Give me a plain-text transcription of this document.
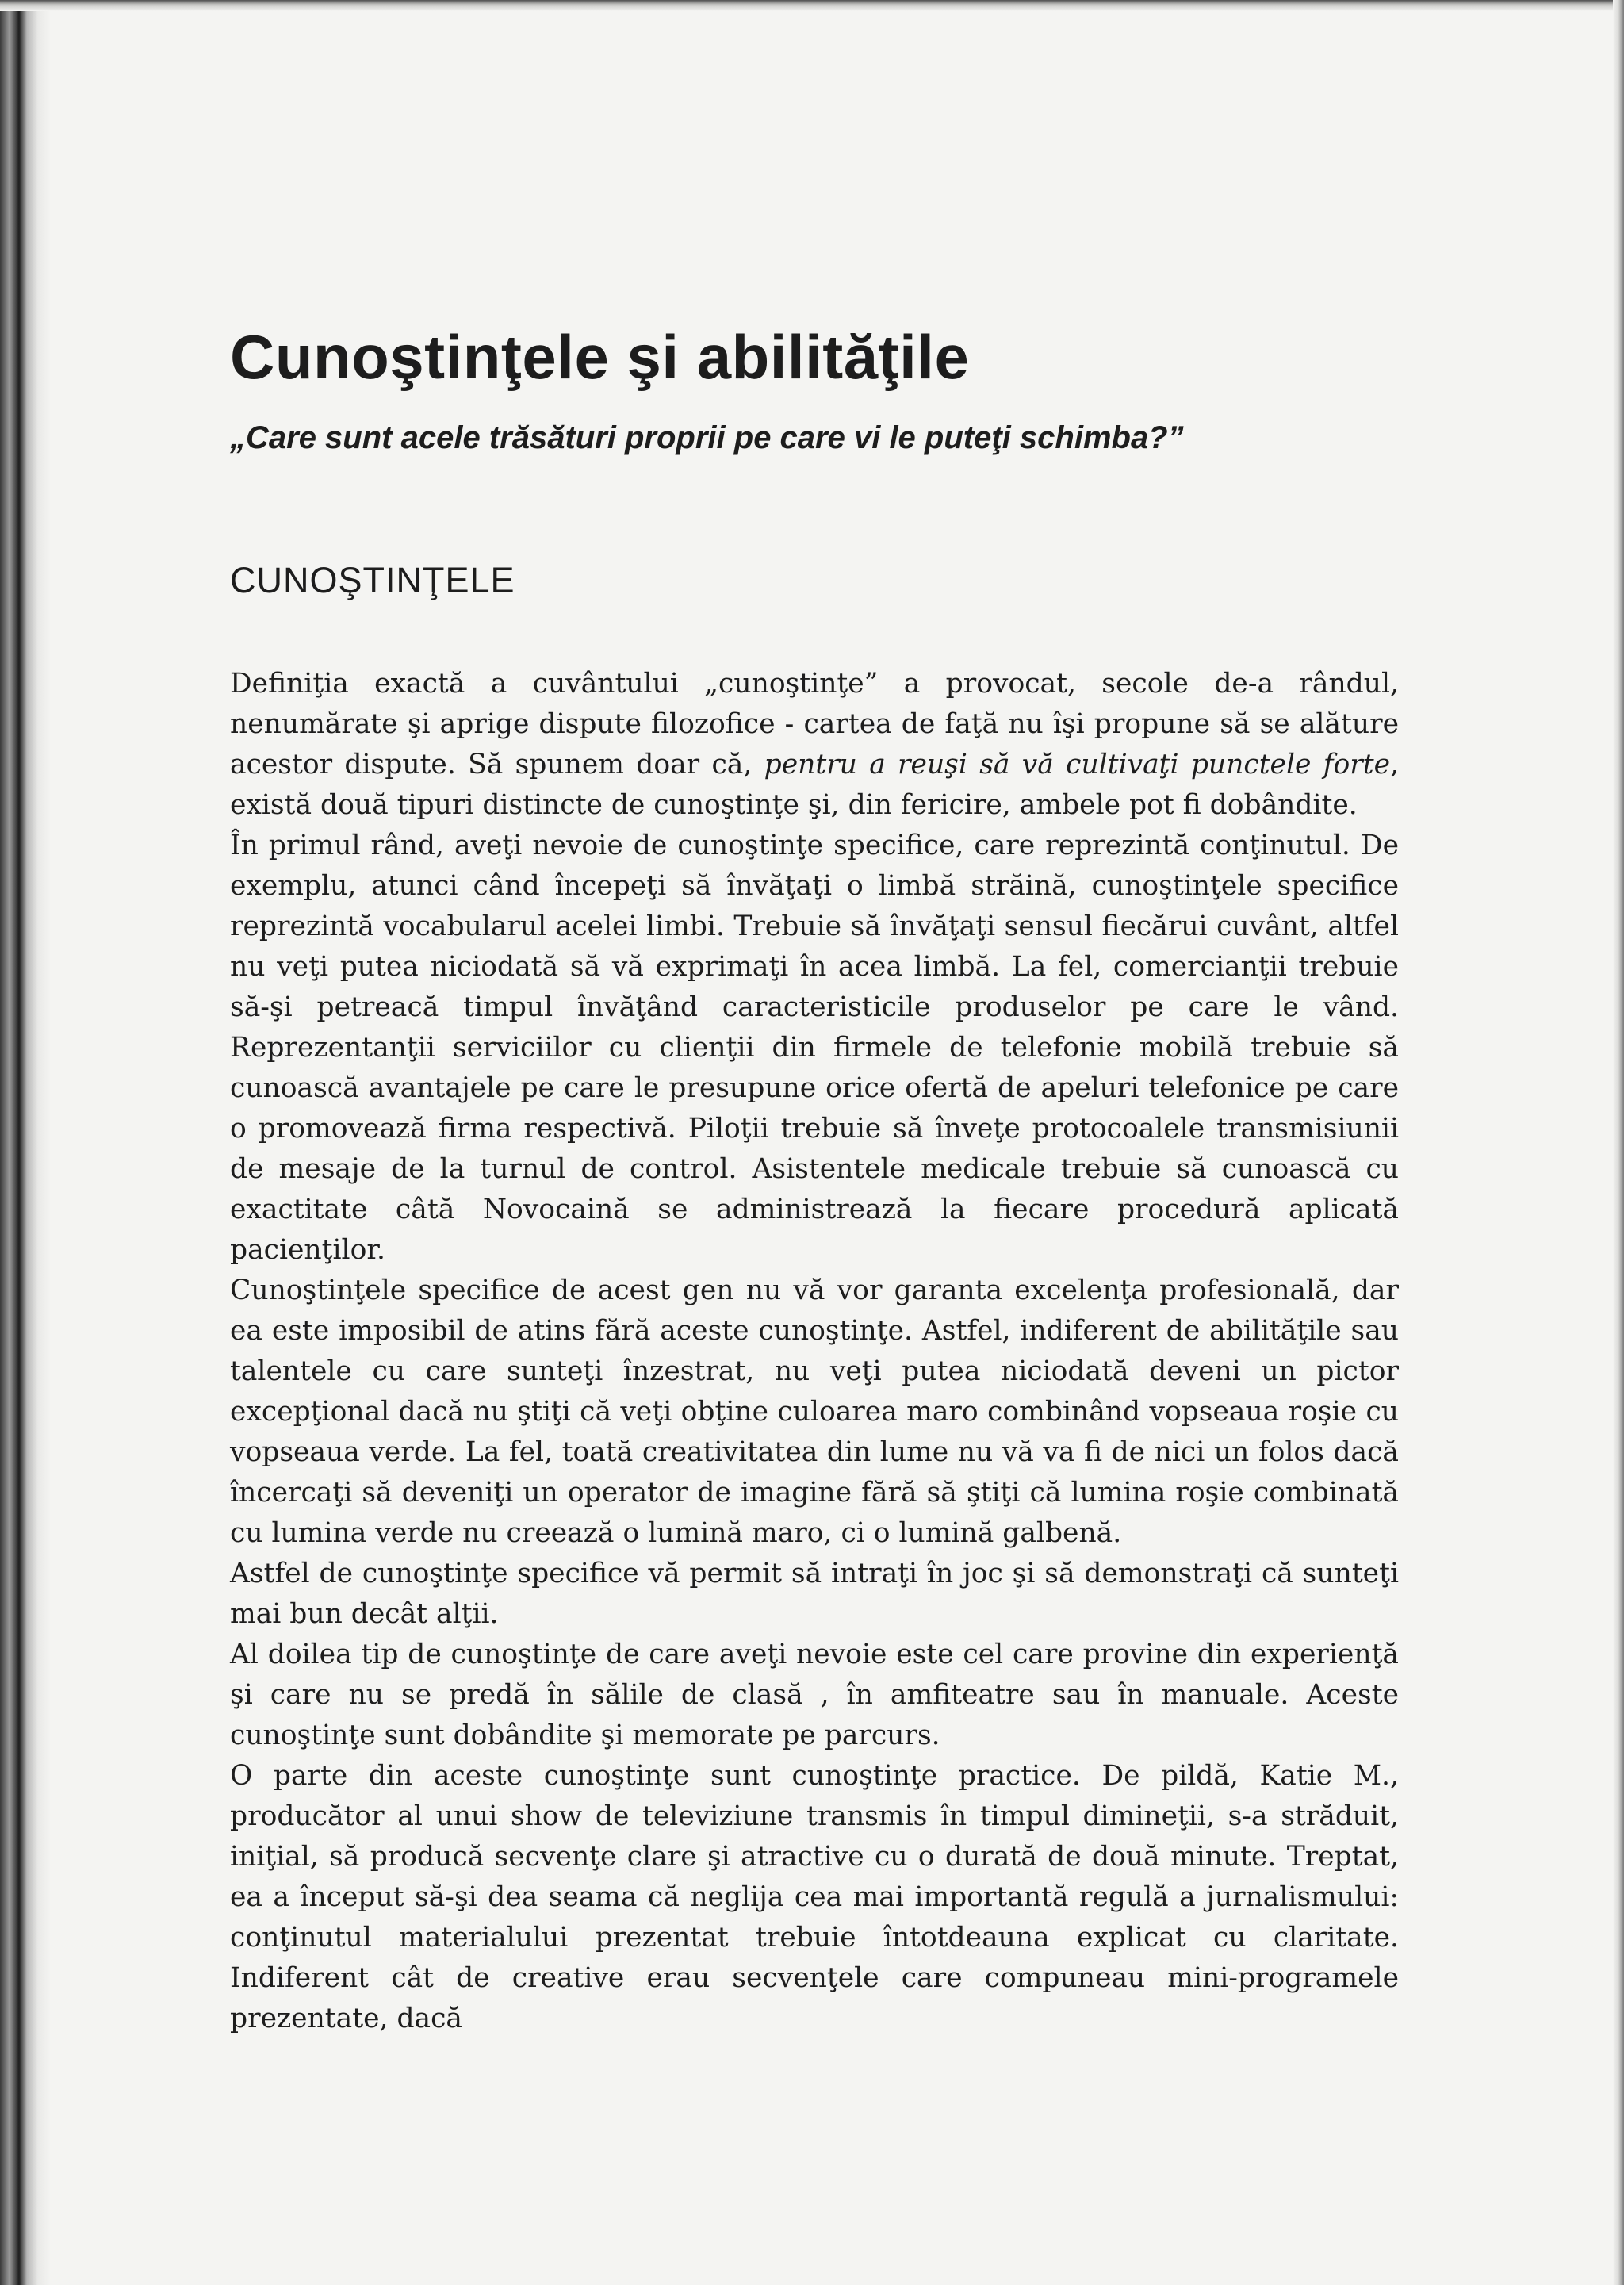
Cunoştinţele şi abilităţile
„Care sunt acele trăsături proprii pe care vi le puteţi schimba?”
CUNOŞTINŢELE

Definiţia exactă a cuvântului „cunoştinţe” a provocat, secole de-a rândul, nenumărate şi aprige dispute filozofice - cartea de faţă nu îşi propune să se alăture acestor dispute. Să spunem doar că, pentru a reuşi să vă cultivaţi punctele forte, există două tipuri distincte de cunoştinţe şi, din fericire, ambele pot fi dobândite.

În primul rând, aveţi nevoie de cunoştinţe specifice, care reprezintă conţinutul. De exemplu, atunci când începeţi să învăţaţi o limbă străină, cunoştinţele specifice reprezintă vocabularul acelei limbi. Trebuie să învăţaţi sensul fiecărui cuvânt, altfel nu veţi putea niciodată să vă exprimaţi în acea limbă. La fel, comercianţii trebuie să-şi petreacă timpul învăţând caracteristicile produselor pe care le vând. Reprezentanţii serviciilor cu clienţii din firmele de telefonie mobilă trebuie să cunoască avantajele pe care le presupune orice ofertă de apeluri telefonice pe care o promovează firma respectivă. Piloţii trebuie să înveţe protocoalele transmisiunii de mesaje de la turnul de control. Asistentele medicale trebuie să cunoască cu exactitate câtă Novocaină se administrează la fiecare procedură aplicată pacienţilor.

Cunoştinţele specifice de acest gen nu vă vor garanta excelenţa profesională, dar ea este imposibil de atins fără aceste cunoştinţe. Astfel, indiferent de abilităţile sau talentele cu care sunteţi înzestrat, nu veţi putea niciodată deveni un pictor excepţional dacă nu ştiţi că veţi obţine culoarea maro combinând vopseaua roşie cu vopseaua verde. La fel, toată creativitatea din lume nu vă va fi de nici un folos dacă încercaţi să deveniţi un operator de imagine fără să ştiţi că lumina roşie combinată cu lumina verde nu creează o lumină maro, ci o lumină galbenă.

Astfel de cunoştinţe specifice vă permit să intraţi în joc şi să demonstraţi că sunteţi mai bun decât alţii.

Al doilea tip de cunoştinţe de care aveţi nevoie este cel care provine din experienţă şi care nu se predă în sălile de clasă , în amfiteatre sau în manuale. Aceste cunoştinţe sunt dobândite şi memorate pe parcurs.

O parte din aceste cunoştinţe sunt cunoştinţe practice. De pildă, Katie M., producător al unui show de televiziune transmis în timpul dimineţii, s-a străduit, iniţial, să producă secvenţe clare şi atractive cu o durată de două minute. Treptat, ea a început să-şi dea seama că neglija cea mai importantă regulă a jurnalismului: conţinutul materialului prezentat trebuie întotdeauna explicat cu claritate. Indiferent cât de creative erau secvenţele care compuneau mini-programele prezentate, dacă
